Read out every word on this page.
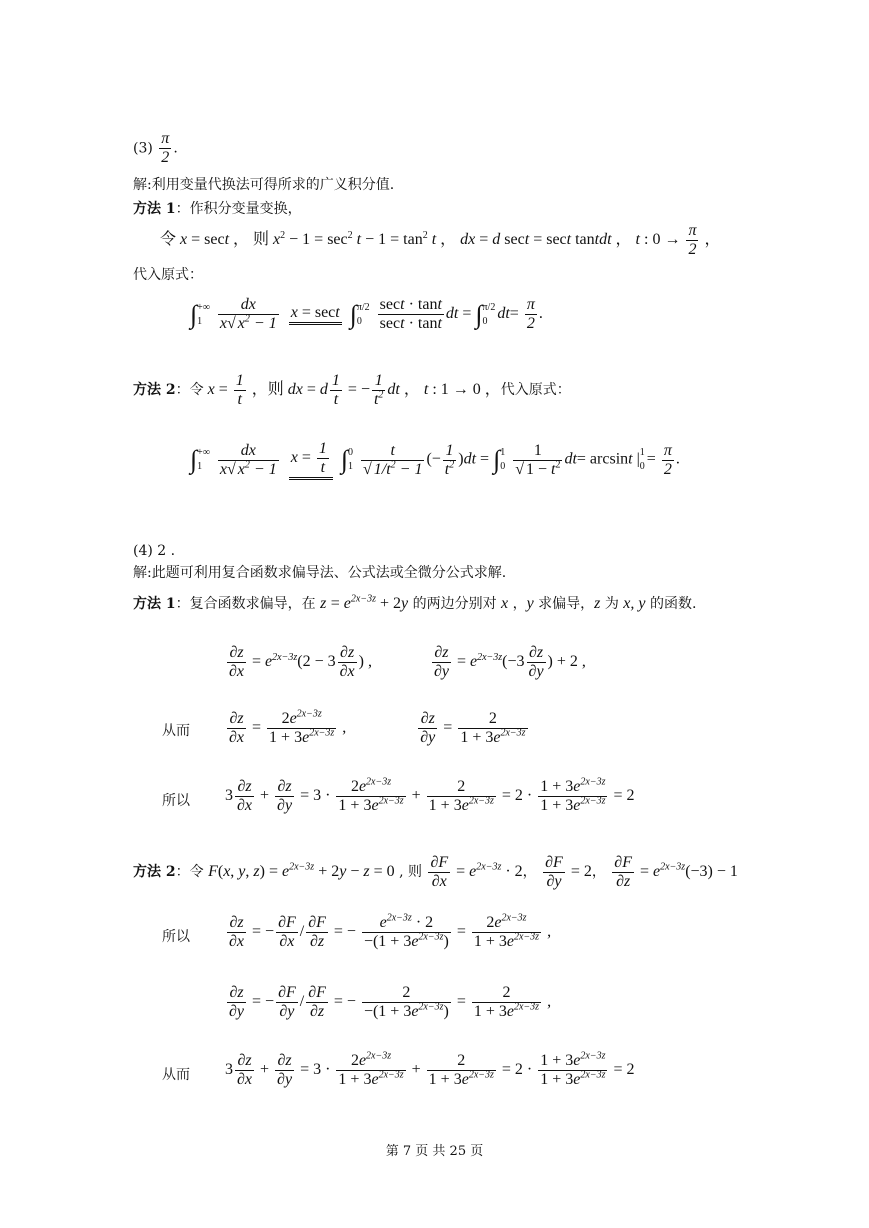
$(3) \frac{\pi}{2}$ .
解:利用变量代换法可得所求的广义积分值.
方法 1：作积分变量变换，
令 x = sect ， 则 $x^2 - 1 = \sec^2 t - 1 = \tan^2 t$ ， dx = d sect = sect tantdt ， t : $0 \to \frac{\pi}{2}$ ，
代入原式：
∫+∞
$1 \frac{dx}{x√ x^2 - 1}$
x = sect ∫π/2
$0 \frac{\sec t \cdot \tan t}{\sec t \cdot \tan t}$ dt = ∫π/2
0 $dt= \frac{\pi}{2}$ .
方法 2：令 $x = \frac{1}{t}$ ，则 dx = d $\frac{1}{t}$ = − $\frac{1}{t^2}$ dt ， t : 1 → 0 ，代入原式：
∫+∞
$1 \frac{dx}{x√ x^2 - 1}$
$x = \frac{1}{t} \int 0$
$1 \frac{t}{√ 1/t^2 - 1}$ (− $\frac{1}{t^2} )dt = \int 1$
$0 \frac{1}{√ 1 - t^2} dt= \arcsin t$ |1
$0 = \frac{\pi}{2}$ .
(4) 2 .
解:此题可利用复合函数求偏导法、公式法或全微分公式求解.
方法 1：复合函数求偏导，在 $z = e^{2x-3z} + 2y$ 的两边分别对 x ，y 求偏导，z 为 x, y 的函数.
$\frac{\partial z}{\partial x} = e^{2x-3z}(2 - 3 \frac{\partial z}{\partial x}$ ) ,	$\frac{\partial z}{\partial y} = e^{2x-3z}(-3 \frac{\partial z}{\partial y}$ ) + 2 ,
从而 $\frac{\partial z}{\partial x} = \frac{2e^{2x-3z}}{1 + 3e^{2x-3z}}$ ,	$\frac{\partial z}{\partial y} = \frac{2}{1 + 3e^{2x-3z}}$
所以 $3 \frac{\partial z}{\partial x} + \frac{\partial z}{\partial y} = 3 \cdot \frac{2e^{2x-3z}}{1 + 3e^{2x-3z}} + \frac{2}{1 + 3e^{2x-3z}} = 2 \cdot \frac{1 + 3e^{2x-3z}}{1 + 3e^{2x-3z}} = 2$
方法 2：令 F(x, y, $z) = e^{2x-3z} + 2y - z = 0$ , 则 $\frac{\partial F}{\partial x} = e^{2x-3z} \cdot 2$， $\frac{\partial F}{\partial y} = 2$， $\frac{\partial F}{\partial z} = e^{2x-3z}(-3) - 1$
所以 $\frac{\partial z}{\partial x}$ = − $\frac{\partial F}{\partial x} / \frac{\partial F}{\partial z}$ = − $\frac{e^{2x-3z} \cdot 2}{-(1 + 3e^{2x-3z})} = \frac{2e^{2x-3z}}{1 + 3e^{2x-3z}}$ ,
$\frac{\partial z}{\partial y}$ = − $\frac{\partial F}{\partial y} / \frac{\partial F}{\partial z}$ = − $\frac{2}{-(1 + 3e^{2x-3z})} = \frac{2}{1 + 3e^{2x-3z}}$ ,
从而 $3 \frac{\partial z}{\partial x} + \frac{\partial z}{\partial y} = 3 \cdot \frac{2e^{2x-3z}}{1 + 3e^{2x-3z}} + \frac{2}{1 + 3e^{2x-3z}} = 2 \cdot \frac{1 + 3e^{2x-3z}}{1 + 3e^{2x-3z}} = 2$
第 7 页 共 25 页
